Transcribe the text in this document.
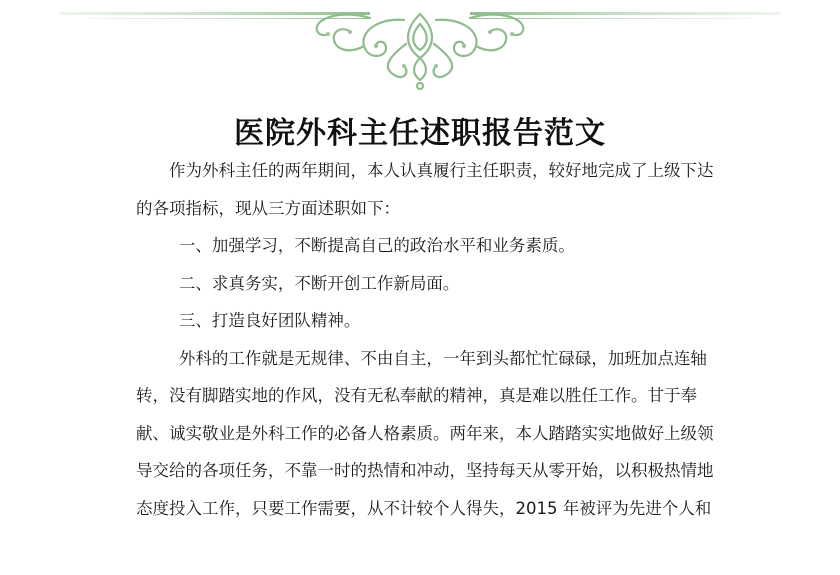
医院外科主任述职报告范文

作为外科主任的两年期间，本人认真履行主任职责，较好地完成了上级下达的各项指标，现从三方面述职如下：

一、加强学习，不断提高自己的政治水平和业务素质。

二、求真务实，不断开创工作新局面。

三、打造良好团队精神。

外科的工作就是无规律、不由自主，一年到头都忙忙碌碌，加班加点连轴转，没有脚踏实地的作风，没有无私奉献的精神，真是难以胜任工作。甘于奉献、诚实敬业是外科工作的必备人格素质。两年来，本人踏踏实实地做好上级领导交给的各项任务，不靠一时的热情和冲动，坚持每天从零开始，以积极热情地态度投入工作，只要工作需要，从不计较个人得失，2015 年被评为先进个人和
